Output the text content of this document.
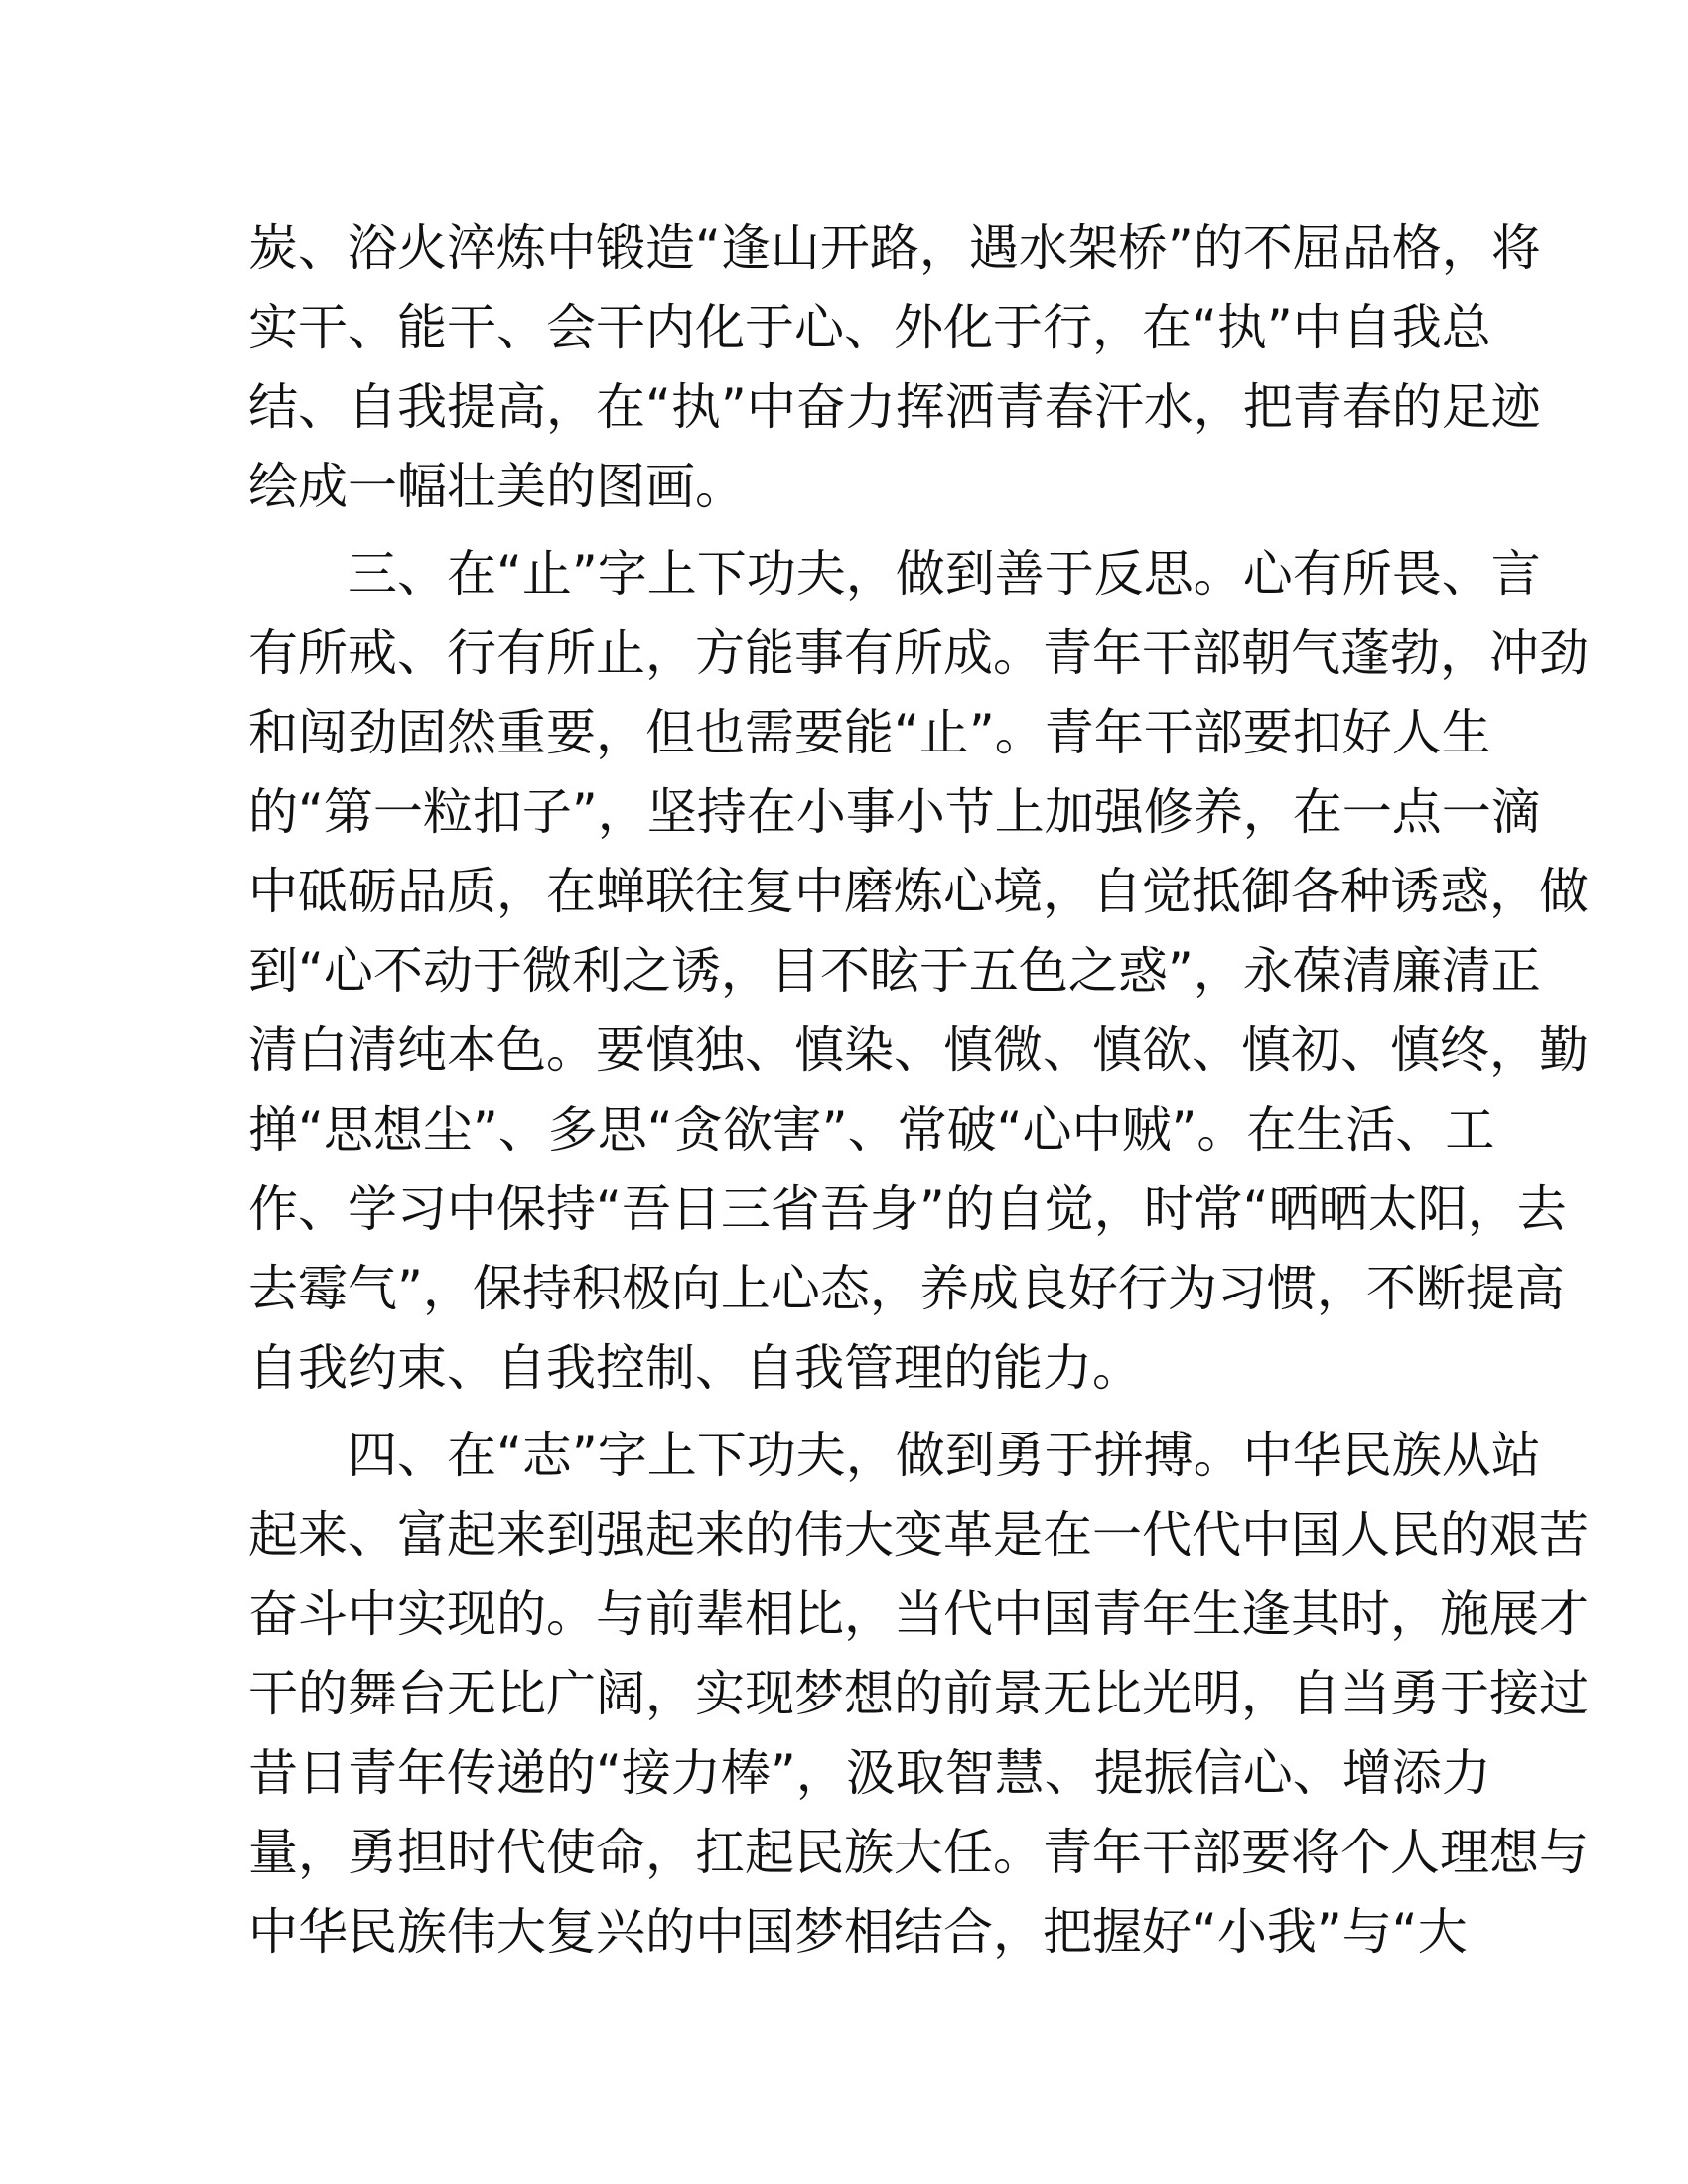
炭、浴火淬炼中锻造“逢山开路，遇水架桥”的不屈品格，将
实干、能干、会干内化于心、外化于行，在“执”中自我总
结、自我提高，在“执”中奋力挥洒青春汗水，把青春的足迹
绘成一幅壮美的图画。
三、在“止”字上下功夫，做到善于反思。心有所畏、言
有所戒、行有所止，方能事有所成。青年干部朝气蓬勃，冲劲
和闯劲固然重要，但也需要能“止”。青年干部要扣好人生
的“第一粒扣子”，坚持在小事小节上加强修养，在一点一滴
中砥砺品质，在蝉联往复中磨炼心境，自觉抵御各种诱惑，做
到“心不动于微利之诱，目不眩于五色之惑”，永葆清廉清正
清白清纯本色。要慎独、慎染、慎微、慎欲、慎初、慎终，勤
掸“思想尘”、多思“贪欲害”、常破“心中贼”。在生活、工
作、学习中保持“吾日三省吾身”的自觉，时常“晒晒太阳，去
去霉气”，保持积极向上心态，养成良好行为习惯，不断提高
自我约束、自我控制、自我管理的能力。
四、在“志”字上下功夫，做到勇于拼搏。中华民族从站
起来、富起来到强起来的伟大变革是在一代代中国人民的艰苦
奋斗中实现的。与前辈相比，当代中国青年生逢其时，施展才
干的舞台无比广阔，实现梦想的前景无比光明，自当勇于接过
昔日青年传递的“接力棒”，汲取智慧、提振信心、增添力
量，勇担时代使命，扛起民族大任。青年干部要将个人理想与
中华民族伟大复兴的中国梦相结合，把握好“小我”与“大
